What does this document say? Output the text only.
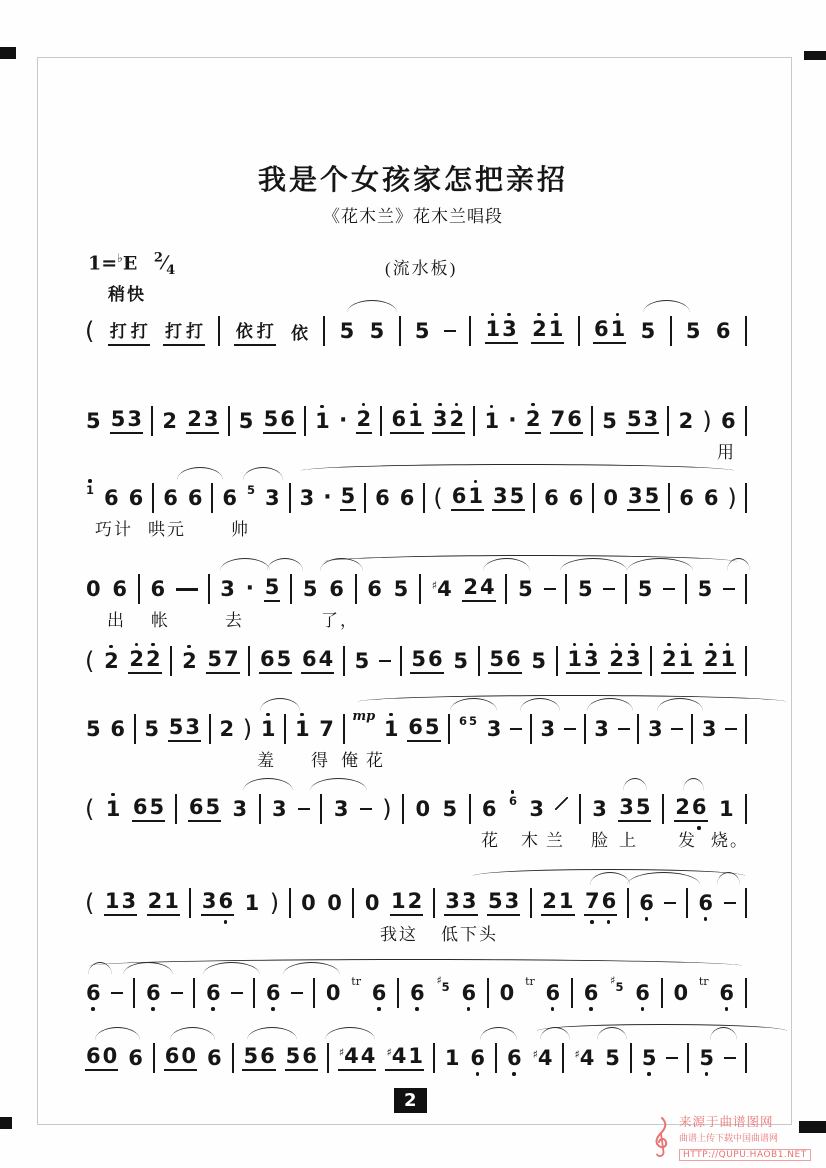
我是个女孩家怎把亲招
《花木兰》花木兰唱段
1=♭E $^2⁄_4$
稍快
(流水板)
( 打 打 打 打 依 打 依 5 5 5	13 21 61 5 5 6
5 53 2 23 5 56 1 · 2 61 32 1 · 2 76 5 53 2 ) 6
用
1 6 6 6 6 6 5 3 3 · 5 6 6 ( 61 35 6 6 0 35 6 6 )
巧计 哄元	帅
0 6 6	3 · 5 5 6 6 5 ♯4 24 5 5 5 5
出 帐	去	了，
( 2 22 2 57 65 64 5 56 5 56 5 13 23 21 21
5 6 5 53 2 ) 1 1 7
mp
1 65 6 5 3 3 3 3 3
羞 得 俺 花
( 1 65 65 3 3 3 ) 0 5 6 6 3 3 35 26 1
花 木 兰 脸 上 发 烧。
( 13 21 36 1 ) 0 0 0 12 33 53 21 76 6 6
我这 低下头
6 6 6 6 0 tr 6 6 ♯5 6 0 tr 6 6 ♯5 6 0 tr 6
60 6 60 6 56 56 ♯44 ♯41 1 6 6 ♯4 ♯4 5 5 5
2
来源于曲谱图网
曲谱上传下载中国曲谱网
HTTP://QUPU.HAOB1.NET
